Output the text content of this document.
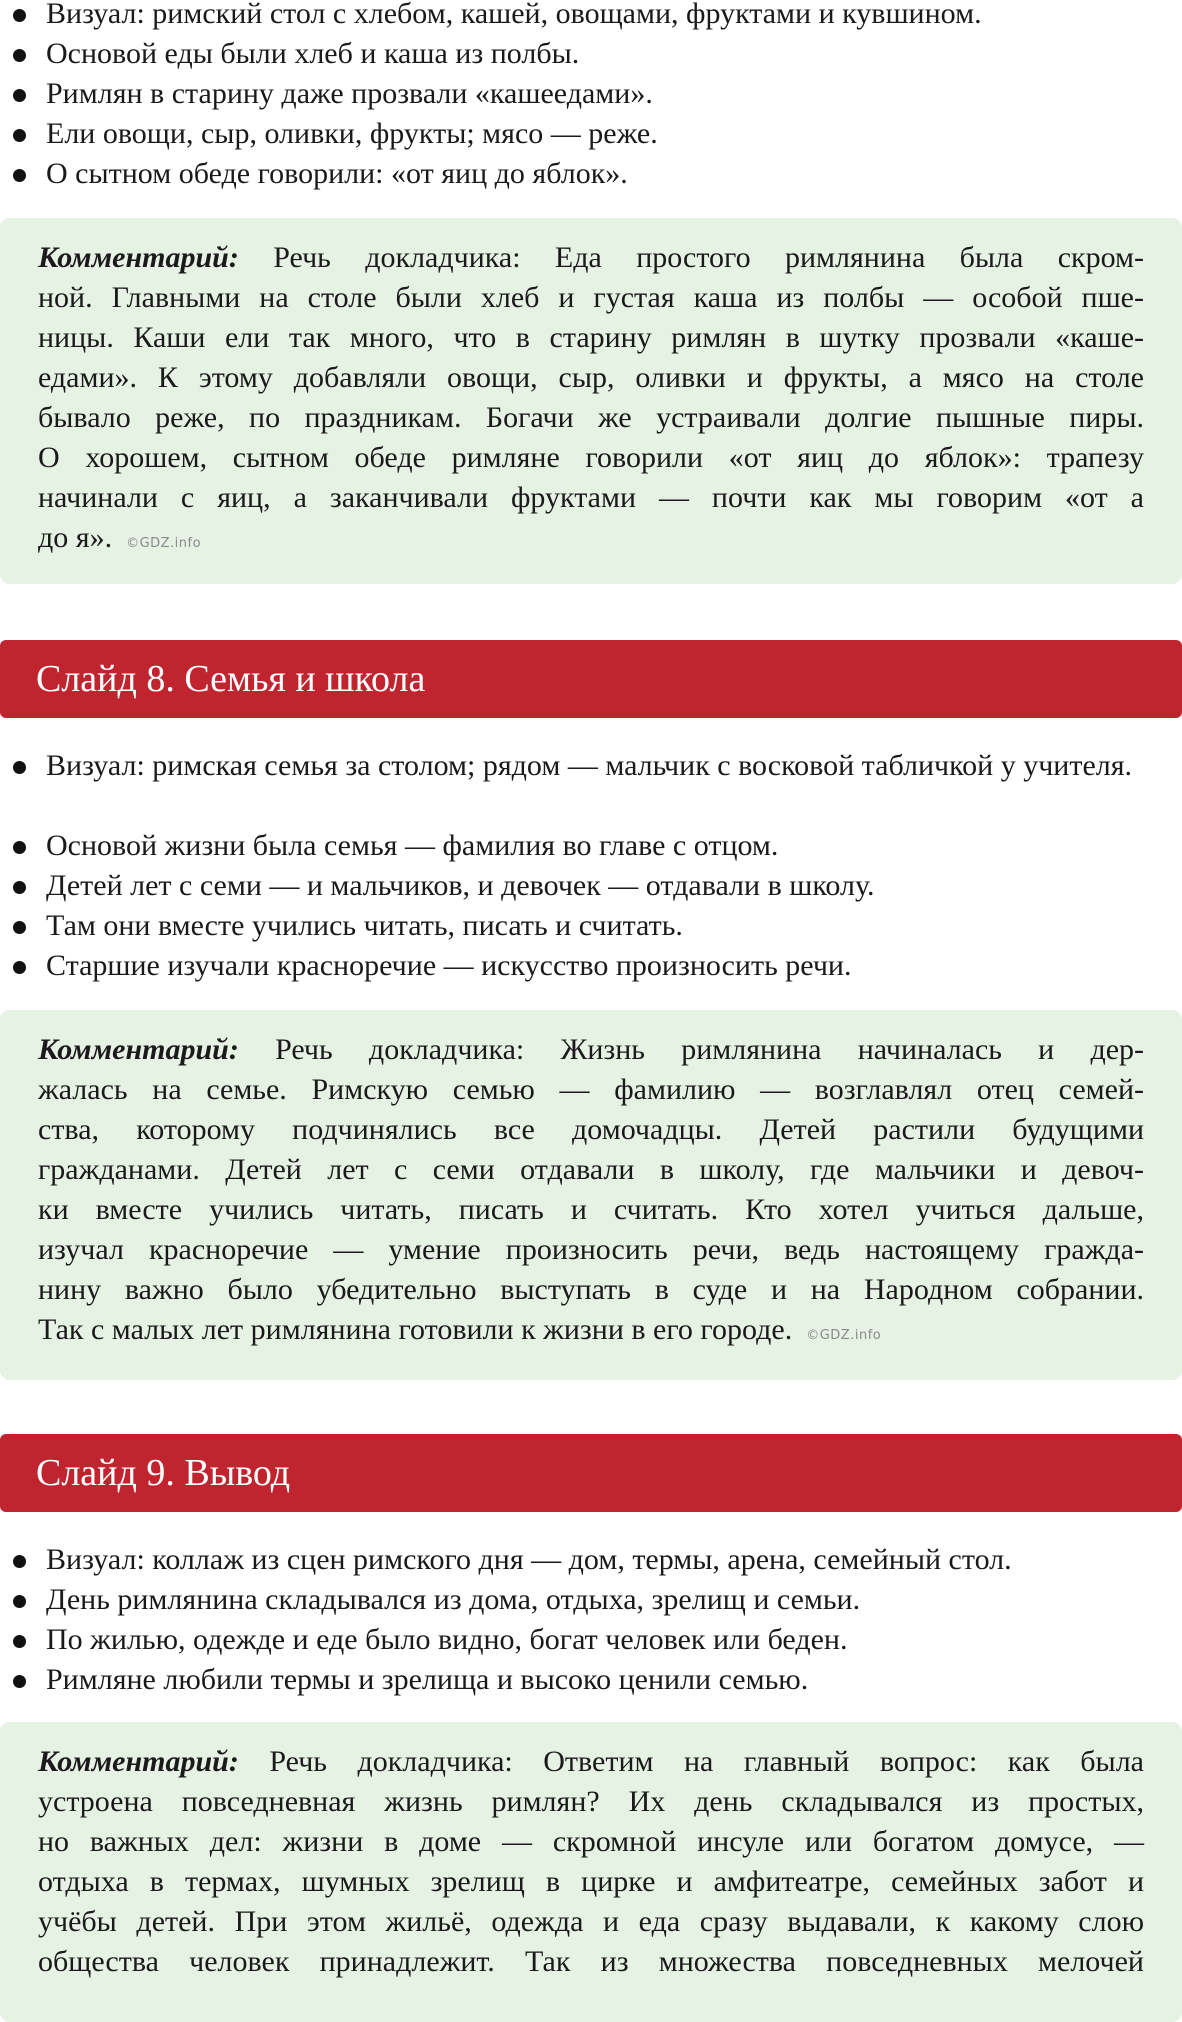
Визуал: римский стол с хлебом, кашей, овощами, фруктами и кувшином.
Основой еды были хлеб и каша из полбы.
Римлян в старину даже прозвали «кашеедами».
Ели овощи, сыр, оливки, фрукты; мясо — реже.
О сытном обеде говорили: «от яиц до яблок».
Комментарий: Речь докладчика: Еда простого римлянина была скром-
ной. Главными на столе были хлеб и густая каша из полбы — особой пше-
ницы. Каши ели так много, что в старину римлян в шутку прозвали «каше-
едами». К этому добавляли овощи, сыр, оливки и фрукты, а мясо на столе
бывало реже, по праздникам. Богачи же устраивали долгие пышные пиры.
О хорошем, сытном обеде римляне говорили «от яиц до яблок»: трапезу
начинали с яиц, а заканчивали фруктами — почти как мы говорим «от а
до я». ©GDZ.info
Слайд 8. Семья и школа
Визуал: римская семья за столом; рядом — мальчик с восковой табличкой у учителя.
Основой жизни была семья — фамилия во главе с отцом.
Детей лет с семи — и мальчиков, и девочек — отдавали в школу.
Там они вместе учились читать, писать и считать.
Старшие изучали красноречие — искусство произносить речи.
Комментарий: Речь докладчика: Жизнь римлянина начиналась и дер-
жалась на семье. Римскую семью — фамилию — возглавлял отец семей-
ства, которому подчинялись все домочадцы. Детей растили будущими
гражданами. Детей лет с семи отдавали в школу, где мальчики и девоч-
ки вместе учились читать, писать и считать. Кто хотел учиться дальше,
изучал красноречие — умение произносить речи, ведь настоящему гражда-
нину важно было убедительно выступать в суде и на Народном собрании.
Так с малых лет римлянина готовили к жизни в его городе. ©GDZ.info
Слайд 9. Вывод
Визуал: коллаж из сцен римского дня — дом, термы, арена, семейный стол.
День римлянина складывался из дома, отдыха, зрелищ и семьи.
По жилью, одежде и еде было видно, богат человек или беден.
Римляне любили термы и зрелища и высоко ценили семью.
Комментарий: Речь докладчика: Ответим на главный вопрос: как была
устроена повседневная жизнь римлян? Их день складывался из простых,
но важных дел: жизни в доме — скромной инсуле или богатом домусе, —
отдыха в термах, шумных зрелищ в цирке и амфитеатре, семейных забот и
учёбы детей. При этом жильё, одежда и еда сразу выдавали, к какому слою
общества человек принадлежит. Так из множества повседневных мелочей
